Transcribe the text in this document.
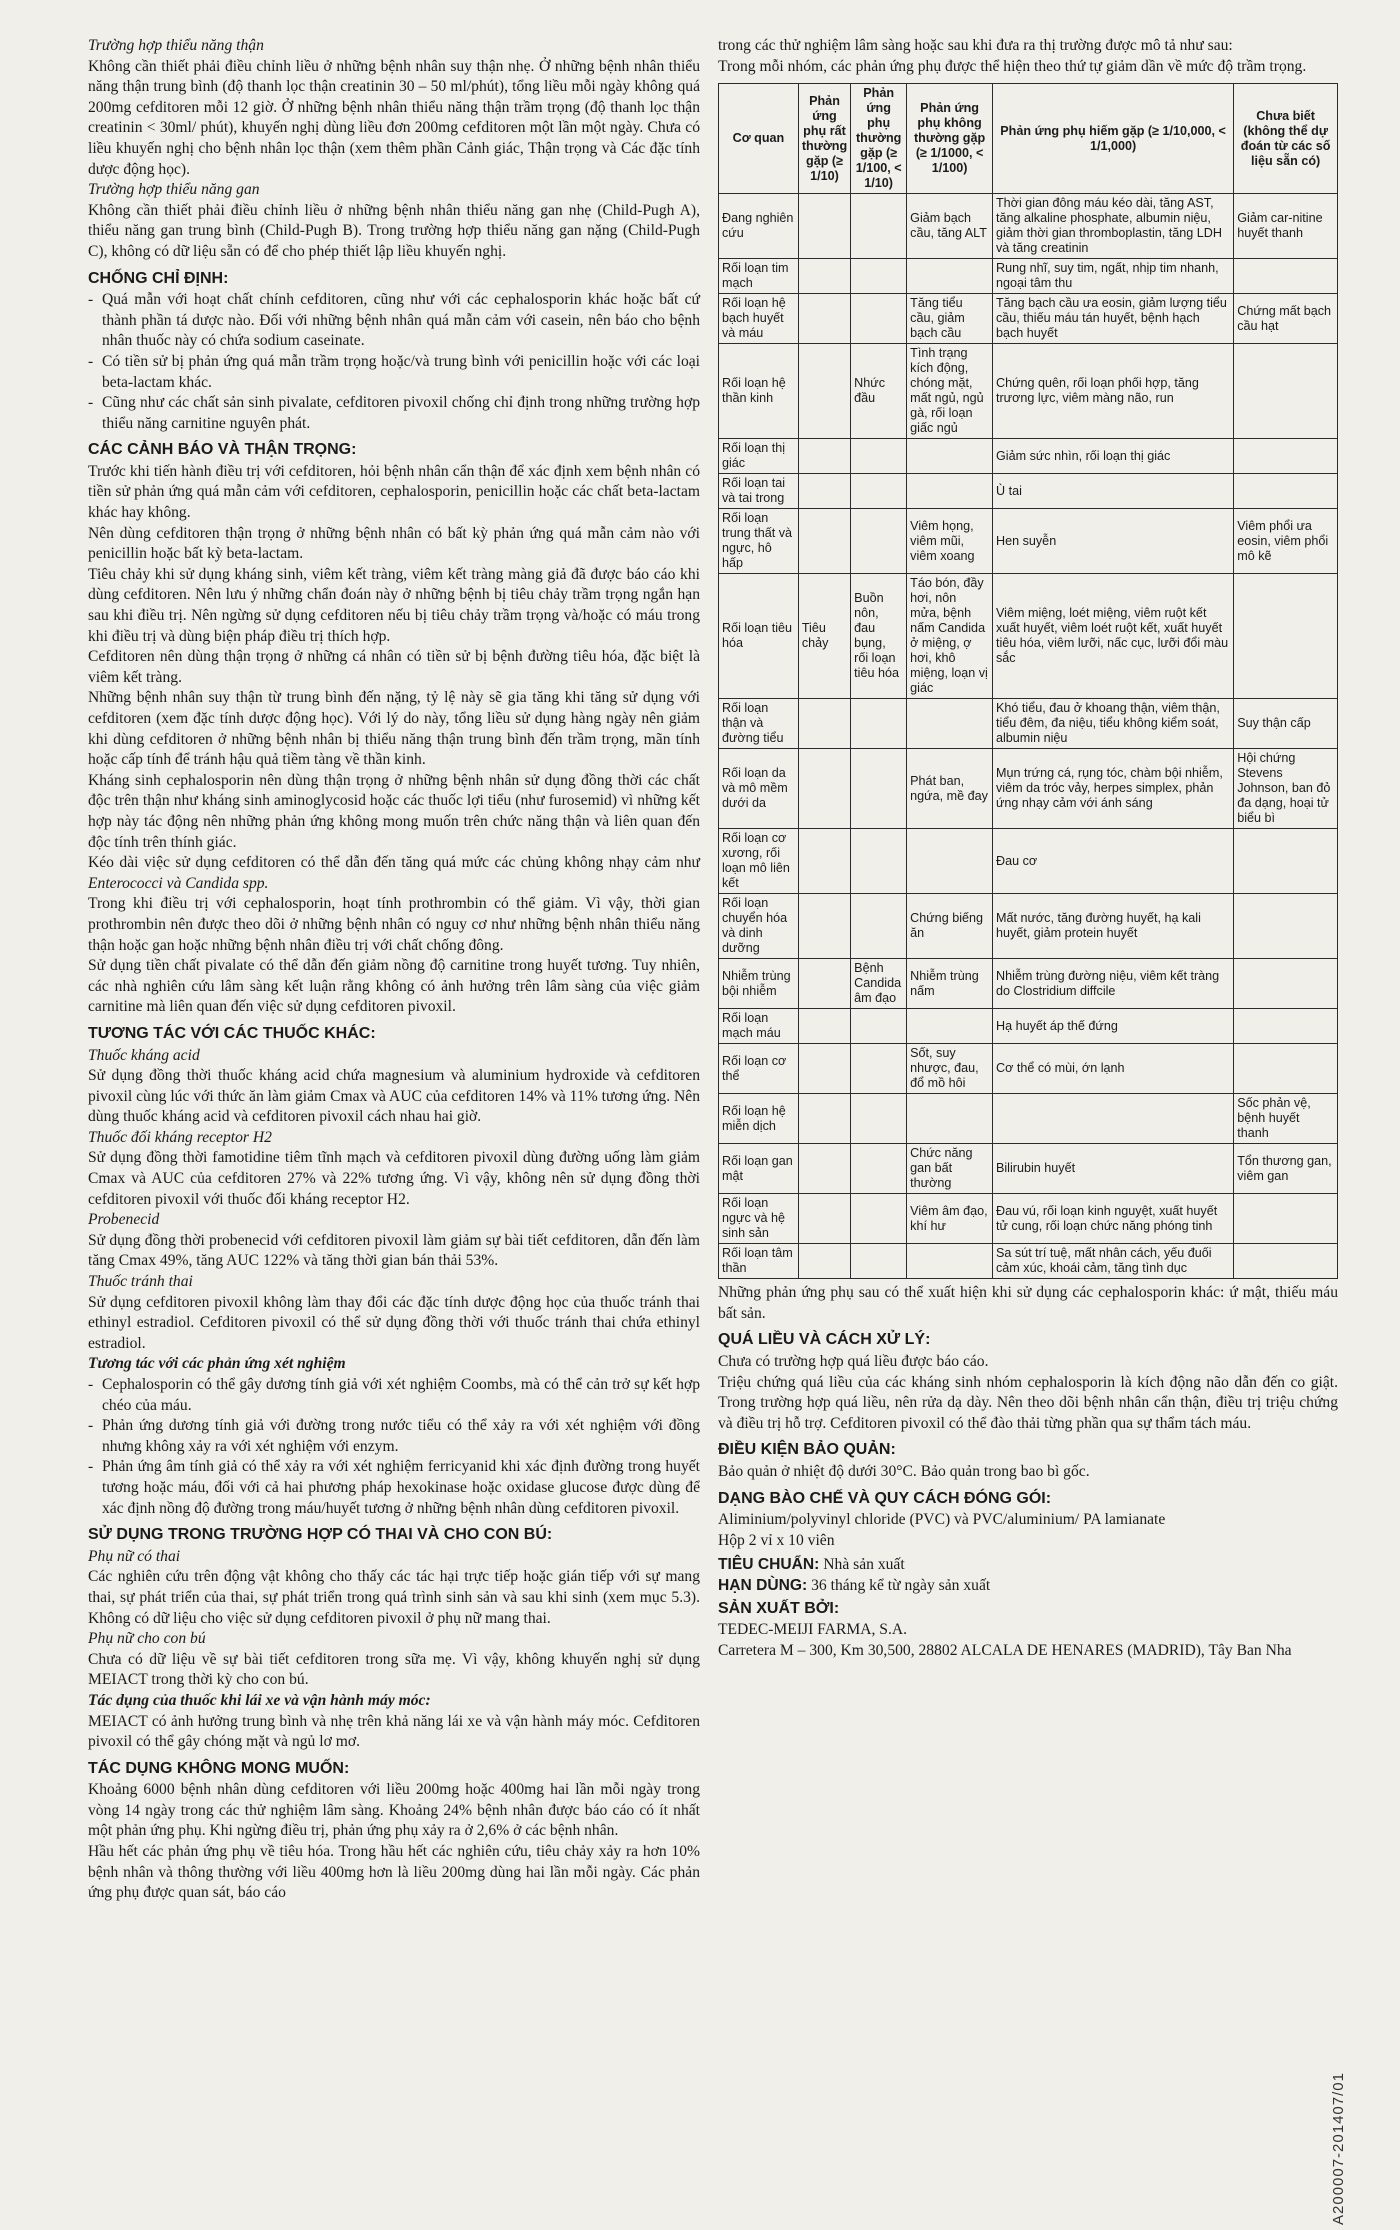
Trường hợp thiểu năng thận

Không cần thiết phải điều chỉnh liều ở những bệnh nhân suy thận nhẹ. Ở những bệnh nhân thiểu năng thận trung bình (độ thanh lọc thận creatinin 30 – 50 ml/phút), tổng liều mỗi ngày không quá 200mg cefditoren mỗi 12 giờ. Ở những bệnh nhân thiểu năng thận trầm trọng (độ thanh lọc thận creatinin < 30ml/ phút), khuyến nghị dùng liều đơn 200mg cefditoren một lần một ngày. Chưa có liều khuyến nghị cho bệnh nhân lọc thận (xem thêm phần Cảnh giác, Thận trọng và Các đặc tính dược động học).

Trường hợp thiểu năng gan

Không cần thiết phải điều chỉnh liều ở những bệnh nhân thiểu năng gan nhẹ (Child-Pugh A), thiểu năng gan trung bình (Child-Pugh B). Trong trường hợp thiểu năng gan nặng (Child-Pugh C), không có dữ liệu sẵn có để cho phép thiết lập liều khuyến nghị.

CHỐNG CHỈ ĐỊNH:
- Quá mẫn với hoạt chất chính cefditoren, cũng như với các cephalosporin khác hoặc bất cứ thành phần tá dược nào. Đối với những bệnh nhân quá mẫn cảm với casein, nên báo cho bệnh nhân thuốc này có chứa sodium caseinate.
- Có tiền sử bị phản ứng quá mẫn trầm trọng hoặc/và trung bình với penicillin hoặc với các loại beta-lactam khác.
- Cũng như các chất sản sinh pivalate, cefditoren pivoxil chống chỉ định trong những trường hợp thiểu năng carnitine nguyên phát.
CÁC CẢNH BÁO VÀ THẬN TRỌNG:

Trước khi tiến hành điều trị với cefditoren, hỏi bệnh nhân cẩn thận để xác định xem bệnh nhân có tiền sử phản ứng quá mẫn cảm với cefditoren, cephalosporin, penicillin hoặc các chất beta-lactam khác hay không.

Nên dùng cefditoren thận trọng ở những bệnh nhân có bất kỳ phản ứng quá mẫn cảm nào với penicillin hoặc bất kỳ beta-lactam.

Tiêu chảy khi sử dụng kháng sinh, viêm kết tràng, viêm kết tràng màng giả đã được báo cáo khi dùng cefditoren. Nên lưu ý những chẩn đoán này ở những bệnh bị tiêu chảy trầm trọng ngắn hạn sau khi điều trị. Nên ngừng sử dụng cefditoren nếu bị tiêu chảy trầm trọng và/hoặc có máu trong khi điều trị và dùng biện pháp điều trị thích hợp.

Cefditoren nên dùng thận trọng ở những cá nhân có tiền sử bị bệnh đường tiêu hóa, đặc biệt là viêm kết tràng.

Những bệnh nhân suy thận từ trung bình đến nặng, tỷ lệ này sẽ gia tăng khi tăng sử dụng với cefditoren (xem đặc tính dược động học). Với lý do này, tổng liều sử dụng hàng ngày nên giảm khi dùng cefditoren ở những bệnh nhân bị thiểu năng thận trung bình đến trầm trọng, mãn tính hoặc cấp tính để tránh hậu quả tiềm tàng về thần kinh.

Kháng sinh cephalosporin nên dùng thận trọng ở những bệnh nhân sử dụng đồng thời các chất độc trên thận như kháng sinh aminoglycosid hoặc các thuốc lợi tiểu (như furosemid) vì những kết hợp này tác động nên những phản ứng không mong muốn trên chức năng thận và liên quan đến độc tính trên thính giác.

Kéo dài việc sử dụng cefditoren có thể dẫn đến tăng quá mức các chủng không nhạy cảm như Enterococci và Candida spp.

Trong khi điều trị với cephalosporin, hoạt tính prothrombin có thể giảm. Vì vậy, thời gian prothrombin nên được theo dõi ở những bệnh nhân có nguy cơ như những bệnh nhân thiểu năng thận hoặc gan hoặc những bệnh nhân điều trị với chất chống đông.

Sử dụng tiền chất pivalate có thể dẫn đến giảm nồng độ carnitine trong huyết tương. Tuy nhiên, các nhà nghiên cứu lâm sàng kết luận rằng không có ảnh hưởng trên lâm sàng của việc giảm carnitine mà liên quan đến việc sử dụng cefditoren pivoxil.

TƯƠNG TÁC VỚI CÁC THUỐC KHÁC:

Thuốc kháng acid

Sử dụng đồng thời thuốc kháng acid chứa magnesium và aluminium hydroxide và cefditoren pivoxil cùng lúc với thức ăn làm giảm Cmax và AUC của cefditoren 14% và 11% tương ứng. Nên dùng thuốc kháng acid và cefditoren pivoxil cách nhau hai giờ.

Thuốc đối kháng receptor H2

Sử dụng đồng thời famotidine tiêm tĩnh mạch và cefditoren pivoxil dùng đường uống làm giảm Cmax và AUC của cefditoren 27% và 22% tương ứng. Vì vậy, không nên sử dụng đồng thời cefditoren pivoxil với thuốc đối kháng receptor H2.

Probenecid

Sử dụng đồng thời probenecid với cefditoren pivoxil làm giảm sự bài tiết cefditoren, dẫn đến làm tăng Cmax 49%, tăng AUC 122% và tăng thời gian bán thải 53%.

Thuốc tránh thai

Sử dụng cefditoren pivoxil không làm thay đổi các đặc tính dược động học của thuốc tránh thai ethinyl estradiol. Cefditoren pivoxil có thể sử dụng đồng thời với thuốc tránh thai chứa ethinyl estradiol.

Tương tác với các phản ứng xét nghiệm

- Cephalosporin có thể gây dương tính giả với xét nghiệm Coombs, mà có thể cản trở sự kết hợp chéo của máu.
- Phản ứng dương tính giả với đường trong nước tiểu có thể xảy ra với xét nghiệm với đồng nhưng không xảy ra với xét nghiệm với enzym.
- Phản ứng âm tính giả có thể xảy ra với xét nghiệm ferricyanid khi xác định đường trong huyết tương hoặc máu, đối với cả hai phương pháp hexokinase hoặc oxidase glucose được dùng để xác định nồng độ đường trong máu/huyết tương ở những bệnh nhân dùng cefditoren pivoxil.
SỬ DỤNG TRONG TRƯỜNG HỢP CÓ THAI VÀ CHO CON BÚ:

Phụ nữ có thai

Các nghiên cứu trên động vật không cho thấy các tác hại trực tiếp hoặc gián tiếp với sự mang thai, sự phát triển của thai, sự phát triển trong quá trình sinh sản và sau khi sinh (xem mục 5.3). Không có dữ liệu cho việc sử dụng cefditoren pivoxil ở phụ nữ mang thai.

Phụ nữ cho con bú

Chưa có dữ liệu về sự bài tiết cefditoren trong sữa mẹ. Vì vậy, không khuyến nghị sử dụng MEIACT trong thời kỳ cho con bú.

Tác dụng của thuốc khi lái xe và vận hành máy móc:

MEIACT có ảnh hưởng trung bình và nhẹ trên khả năng lái xe và vận hành máy móc. Cefditoren pivoxil có thể gây chóng mặt và ngủ lơ mơ.

TÁC DỤNG KHÔNG MONG MUỐN:

Khoảng 6000 bệnh nhân dùng cefditoren với liều 200mg hoặc 400mg hai lần mỗi ngày trong vòng 14 ngày trong các thử nghiệm lâm sàng. Khoảng 24% bệnh nhân được báo cáo có ít nhất một phản ứng phụ. Khi ngừng điều trị, phản ứng phụ xảy ra ở 2,6% ở các bệnh nhân.

Hầu hết các phản ứng phụ về tiêu hóa. Trong hầu hết các nghiên cứu, tiêu chảy xảy ra hơn 10% bệnh nhân và thông thường với liều 400mg hơn là liều 200mg dùng hai lần mỗi ngày. Các phản ứng phụ được quan sát, báo cáo

trong các thử nghiệm lâm sàng hoặc sau khi đưa ra thị trường được mô tả như sau:

Trong mỗi nhóm, các phản ứng phụ được thể hiện theo thứ tự giảm dần về mức độ trầm trọng.

Cơ quan	Phản ứng phụ rất thường gặp (≥ 1/10)	Phản ứng phụ thường gặp (≥ 1/100, < 1/10)	Phản ứng phụ không thường gặp (≥ 1/1000, < 1/100)	Phản ứng phụ hiếm gặp (≥ 1/10,000, < 1/1,000)	Chưa biết (không thể dự đoán từ các số liệu sẵn có)
Đang nghiên cứu			Giảm bạch cầu, tăng ALT	Thời gian đông máu kéo dài, tăng AST, tăng alkaline phosphate, albumin niệu, giảm thời gian thromboplastin, tăng LDH và tăng creatinin	Giảm car-nitine huyết thanh
Rối loạn tim mạch				Rung nhĩ, suy tim, ngất, nhịp tim nhanh, ngoại tâm thu	
Rối loạn hệ bạch huyết và máu			Tăng tiểu cầu, giảm bạch cầu	Tăng bạch cầu ưa eosin, giảm lượng tiểu cầu, thiếu máu tán huyết, bệnh hạch bạch huyết	Chứng mất bạch cầu hạt
Rối loạn hệ thần kinh		Nhức đầu	Tình trạng kích động, chóng mặt, mất ngủ, ngủ gà, rối loạn giấc ngủ	Chứng quên, rối loạn phối hợp, tăng trương lực, viêm màng não, run	
Rối loạn thị giác				Giảm sức nhìn, rối loạn thị giác	
Rối loạn tai và tai trong				Ù tai	
Rối loạn trung thất và ngực, hô hấp			Viêm họng, viêm mũi, viêm xoang	Hen suyễn	Viêm phổi ưa eosin, viêm phổi mô kẽ
Rối loạn tiêu hóa	Tiêu chảy	Buồn nôn, đau bụng, rối loạn tiêu hóa	Táo bón, đầy hơi, nôn mửa, bệnh nấm Candida ở miệng, ợ hơi, khô miệng, loạn vị giác	Viêm miệng, loét miệng, viêm ruột kết xuất huyết, viêm loét ruột kết, xuất huyết tiêu hóa, viêm lưỡi, nấc cục, lưỡi đổi màu sắc	
Rối loạn thận và đường tiểu				Khó tiểu, đau ở khoang thận, viêm thận, tiểu đêm, đa niệu, tiểu không kiểm soát, albumin niệu	Suy thận cấp
Rối loạn da và mô mềm dưới da			Phát ban, ngứa, mề đay	Mụn trứng cá, rụng tóc, chàm bội nhiễm, viêm da tróc vảy, herpes simplex, phản ứng nhạy cảm với ánh sáng	Hội chứng Stevens Johnson, ban đỏ đa dạng, hoại tử biểu bì
Rối loạn cơ xương, rối loạn mô liên kết				Đau cơ	
Rối loạn chuyển hóa và dinh dưỡng			Chứng biếng ăn	Mất nước, tăng đường huyết, hạ kali huyết, giảm protein huyết	
Nhiễm trùng bội nhiễm		Bệnh Candida âm đạo	Nhiễm trùng nấm	Nhiễm trùng đường niệu, viêm kết tràng do Clostridium diffcile	
Rối loạn mạch máu				Hạ huyết áp thế đứng	
Rối loạn cơ thể			Sốt, suy nhược, đau, đổ mồ hôi	Cơ thể có mùi, ớn lạnh	
Rối loạn hệ miễn dịch					Sốc phản vệ, bệnh huyết thanh
Rối loạn gan mật			Chức năng gan bất thường	Bilirubin huyết	Tổn thương gan, viêm gan
Rối loạn ngực và hệ sinh sản			Viêm âm đạo, khí hư	Đau vú, rối loạn kinh nguyệt, xuất huyết tử cung, rối loạn chức năng phóng tinh	
Rối loạn tâm thần				Sa sút trí tuệ, mất nhân cách, yếu đuối cảm xúc, khoái cảm, tăng tình dục	

Những phản ứng phụ sau có thể xuất hiện khi sử dụng các cephalosporin khác: ứ mật, thiếu máu bất sản.

QUÁ LIỀU VÀ CÁCH XỬ LÝ:

Chưa có trường hợp quá liều được báo cáo.

Triệu chứng quá liều của các kháng sinh nhóm cephalosporin là kích động não dẫn đến co giật. Trong trường hợp quá liều, nên rửa dạ dày. Nên theo dõi bệnh nhân cẩn thận, điều trị triệu chứng và điều trị hỗ trợ. Cefditoren pivoxil có thể đào thải từng phần qua sự thẩm tách máu.

ĐIỀU KIỆN BẢO QUẢN:

Bảo quản ở nhiệt độ dưới 30°C. Bảo quản trong bao bì gốc.

DẠNG BÀO CHẾ VÀ QUY CÁCH ĐÓNG GÓI:

Aliminium/polyvinyl chloride (PVC) và PVC/aluminium/ PA lamianate

Hộp 2 vỉ x 10 viên

TIÊU CHUẨN: Nhà sản xuất

HẠN DÙNG: 36 tháng kể từ ngày sản xuất

SẢN XUẤT BỞI:

TEDEC-MEIJI FARMA, S.A.

Carretera M – 300, Km 30,500, 28802 ALCALA DE HENARES (MADRID), Tây Ban Nha

A200007-201407/01
